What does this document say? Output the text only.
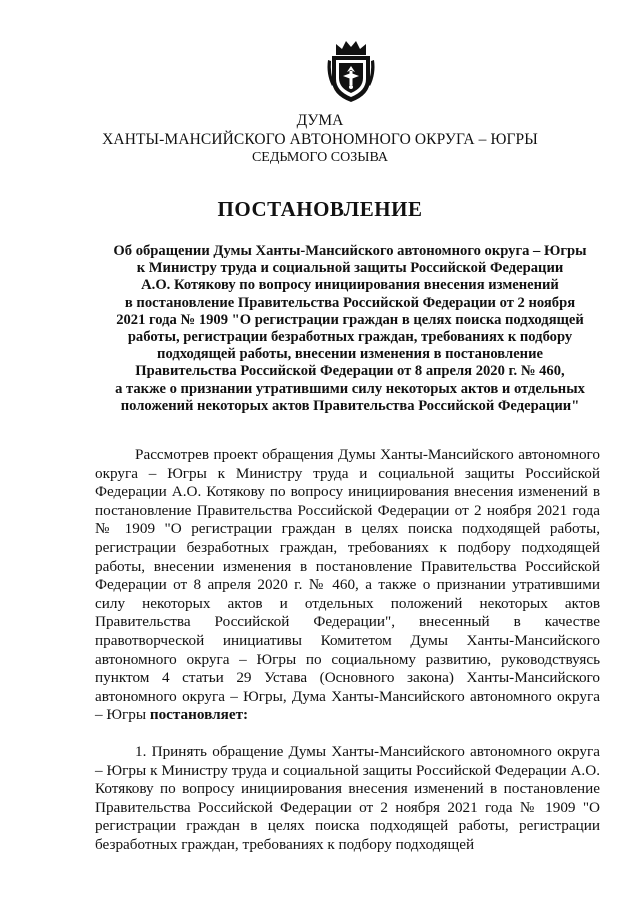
ДУМА
ХАНТЫ-МАНСИЙСКОГО АВТОНОМНОГО ОКРУГА – ЮГРЫ
СЕДЬМОГО СОЗЫВА
ПОСТАНОВЛЕНИЕ
Об обращении Думы Ханты-Мансийского автономного округа – Югры
к Министру труда и социальной защиты Российской Федерации
А.О. Котякову по вопросу инициирования внесения изменений
в постановление Правительства Российской Федерации от 2 ноября
2021 года № 1909 "О регистрации граждан в целях поиска подходящей
работы, регистрации безработных граждан, требованиях к подбору
подходящей работы, внесении изменения в постановление
Правительства Российской Федерации от 8 апреля 2020 г. № 460,
а также о признании утратившими силу некоторых актов и отдельных
положений некоторых актов Правительства Российской Федерации"

Рассмотрев проект обращения Думы Ханты-Мансийского автономного округа – Югры к Министру труда и социальной защиты Российской Федерации А.О. Котякову по вопросу инициирования внесения изменений в постановление Правительства Российской Федерации от 2 ноября 2021 года № 1909 "О регистрации граждан в целях поиска подходящей работы, регистрации безработных граждан, требованиях к подбору подходящей работы, внесении изменения в постановление Правительства Российской Федерации от 8 апреля 2020 г. № 460, а также о признании утратившими силу некоторых актов и отдельных положений некоторых актов Правительства Российской Федерации", внесенный в качестве правотворческой инициативы Комитетом Думы Ханты-Мансийского автономного округа – Югры по социальному развитию, руководствуясь пунктом 4 статьи 29 Устава (Основного закона) Ханты-Мансийского автономного округа – Югры, Дума Ханты-Мансийского автономного округа – Югры постановляет:

1. Принять обращение Думы Ханты-Мансийского автономного округа – Югры к Министру труда и социальной защиты Российской Федерации А.О. Котякову по вопросу инициирования внесения изменений в постановление Правительства Российской Федерации от 2 ноября 2021 года № 1909 "О регистрации граждан в целях поиска подходящей работы, регистрации безработных граждан, требованиях к подбору подходящей
